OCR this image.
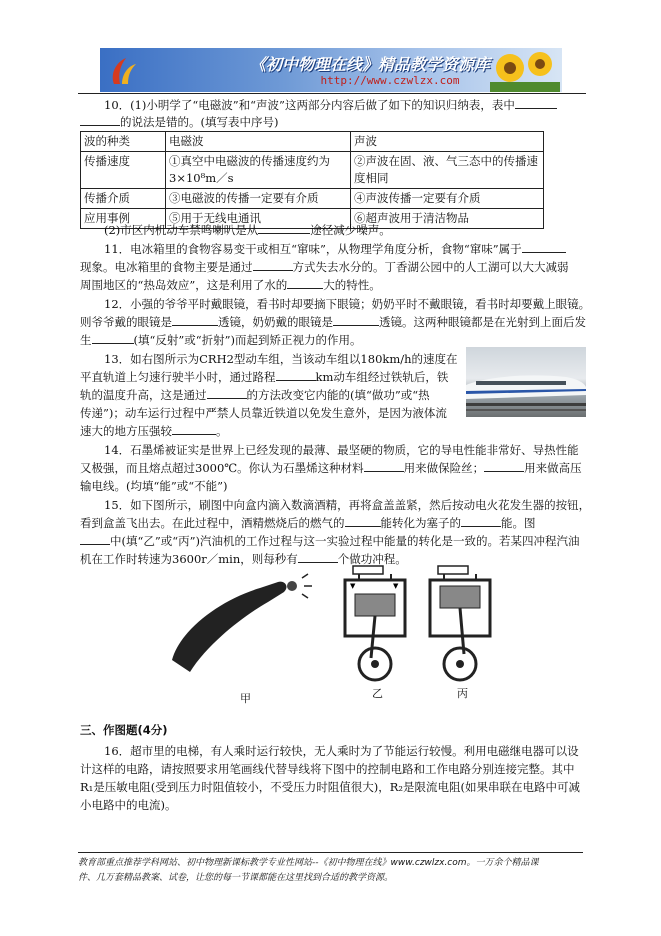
《初中物理在线》精品教学资源库
http://www.czwlzx.com
10．(1)小明学了“电磁波”和“声波”这两部分内容后做了如下的知识归纳表，表中
的说法是错的。(填写表中序号)
波的种类	电磁波	声波
传播速度	①真空中电磁波的传播速度约为
3×10⁸m／s	②声波在固、液、气三态中的传播速
度相同
传播介质	③电磁波的传播一定要有介质	④声波传播一定要有介质
应用事例	⑤用于无线电通讯	⑥超声波用于清洁物品
(2)市区内机动车禁鸣喇叭是从	途径减少噪声。
11．电冰箱里的食物容易变干或相互“窜味”，从物理学角度分析，食物“窜味”属于
现象。电冰箱里的食物主要是通过	方式失去水分的。丁香湖公园中的人工湖可以大大减弱
周围地区的“热岛效应”，这是利用了水的	大的特性。
12．小强的爷爷平时戴眼镜，看书时却要摘下眼镜；奶奶平时不戴眼镜，看书时却要戴上眼镜。
则爷爷戴的眼镜是	透镜，奶奶戴的眼镜是	透镜。这两种眼镜都是在光射到上面后发
生	(填“反射”或“折射”)而起到矫正视力的作用。
13．如右图所示为CRH2型动车组，当该动车组以180km/h的速度在
平直轨道上匀速行驶半小时，通过路程	km动车组经过铁轨后，铁
轨的温度升高，这是通过	的方法改变它内能的(填“做功”或“热
传递”)；动车运行过程中严禁人员靠近铁道以免发生意外，是因为液体流
速大的地方压强较	。
14．石墨烯被证实是世界上已经发现的最薄、最坚硬的物质，它的导电性能非常好、导热性能
又极强，而且熔点超过3000℃。你认为石墨烯这种材料	用来做保险丝；	用来做高压
输电线。(均填“能”或“不能”)
15．如下图所示，刷图中向盒内滴入数滴酒精，再将盒盖盖紧，然后按动电火花发生器的按钮，
看到盒盖飞出去。在此过程中，酒精燃烧后的燃气的	能转化为塞子的	能。图
中(填“乙”或“丙”)汽油机的工作过程与这一实验过程中能量的转化是一致的。若某四冲程汽油
机在工作时转速为3600r／min，则每秒有	个做功冲程。
▼	▼
甲	乙	丙
三、作图题(4分)
16．超市里的电梯，有人乘时运行较快，无人乘时为了节能运行较慢。利用电磁继电器可以设
计这样的电路，请按照要求用笔画线代替导线将下图中的控制电路和工作电路分别连接完整。其中
R₁是压敏电阻(受到压力时阻值较小，不受压力时阻值很大)，R₂是限流电阻(如果串联在电路中可减
小电路中的电流)。
教育部重点推荐学科网站、初中物理新课标教学专业性网站--《初中物理在线》www.czwlzx.com。一万余个精品课
件、几万套精品教案、试卷，让您的每一节课都能在这里找到合适的教学资源。
